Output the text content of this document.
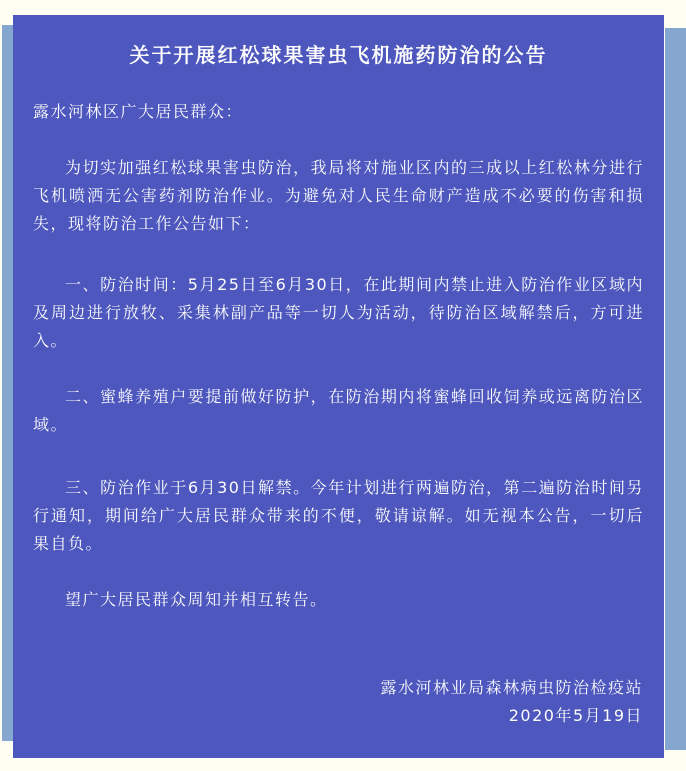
关于开展红松球果害虫飞机施药防治的公告
露水河林区广大居民群众：
为切实加强红松球果害虫防治，我局将对施业区内的三成以上红松林分进行飞机喷洒无公害药剂防治作业。为避免对人民生命财产造成不必要的伤害和损失，现将防治工作公告如下：
一、防治时间：5月25日至6月30日，在此期间内禁止进入防治作业区域内及周边进行放牧、采集林副产品等一切人为活动，待防治区域解禁后，方可进入。
二、蜜蜂养殖户要提前做好防护，在防治期内将蜜蜂回收饲养或远离防治区域。
三、防治作业于6月30日解禁。今年计划进行两遍防治，第二遍防治时间另行通知，期间给广大居民群众带来的不便，敬请谅解。如无视本公告，一切后果自负。
望广大居民群众周知并相互转告。
露水河林业局森林病虫防治检疫站
2020年5月19日
